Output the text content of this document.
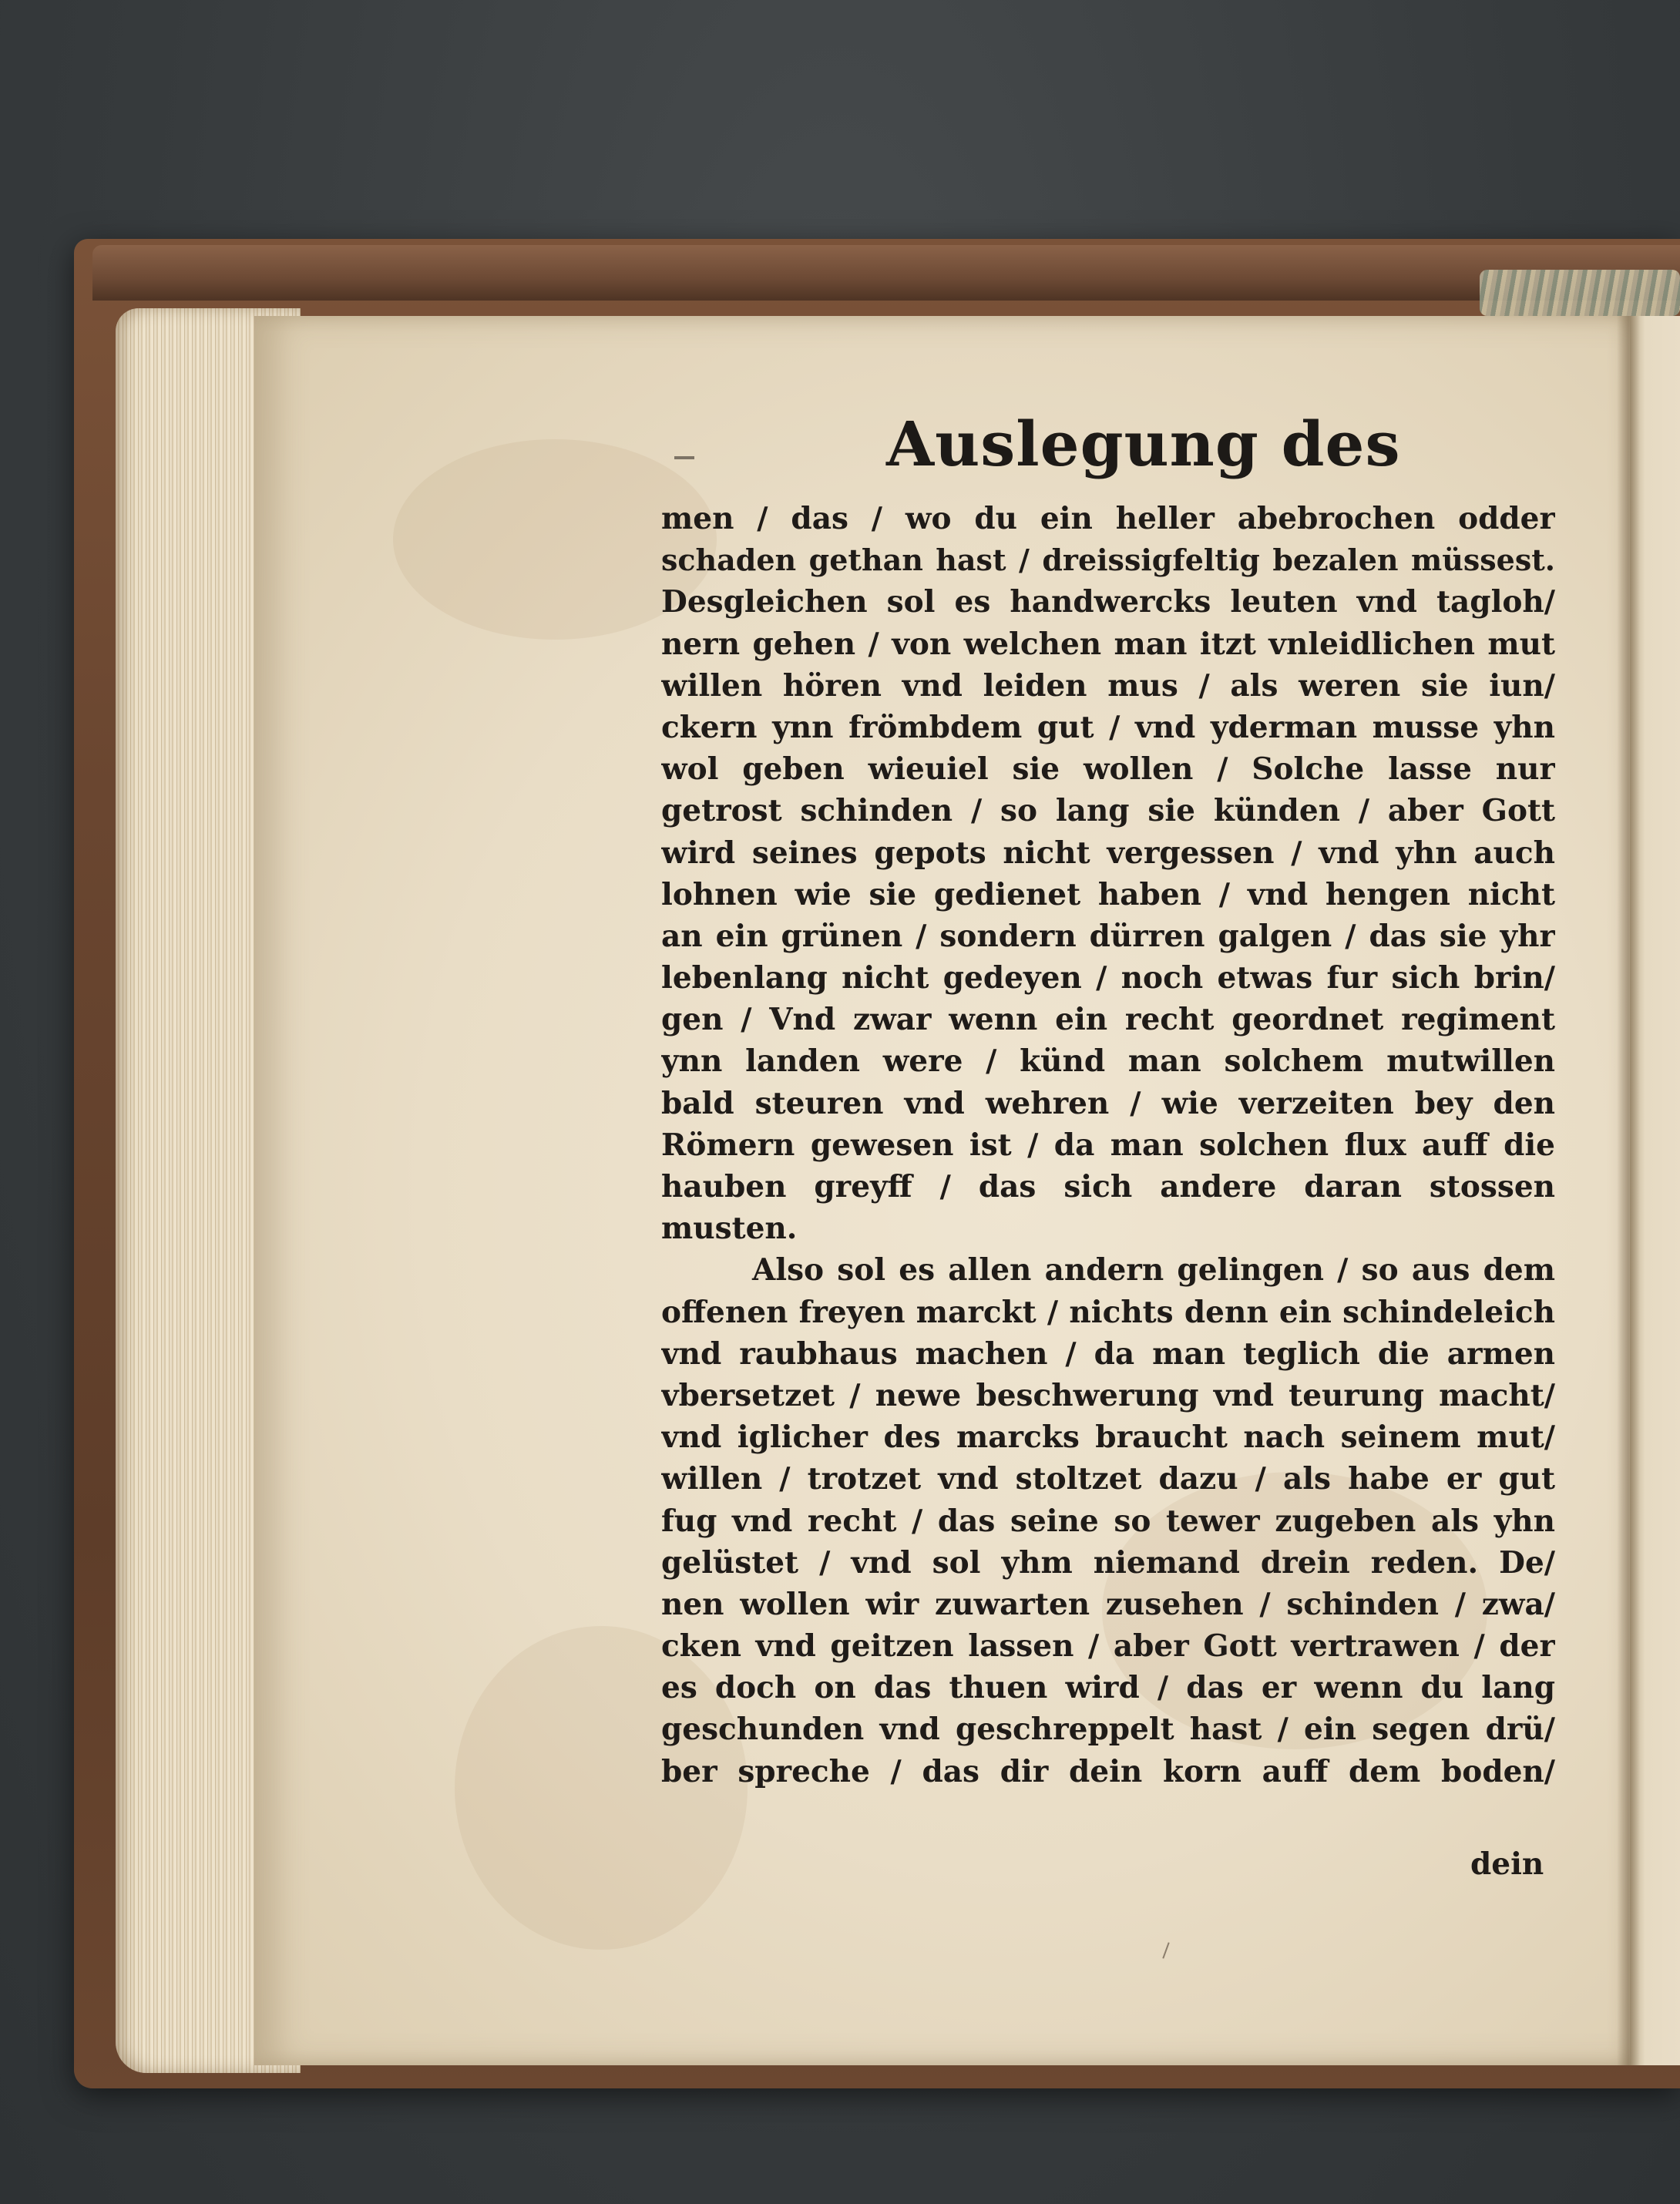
Auslegung des
men / das / wo du ein heller abebrochen odder
schaden gethan hast / dreissigfeltig bezalen müssest.
Desgleichen sol es handwercks leuten vnd tagloh/
nern gehen / von welchen man itzt vnleidlichen mut
willen hören vnd leiden mus / als weren sie iun/
ckern ynn frömbdem gut / vnd yderman musse yhn
wol geben wieuiel sie wollen / Solche lasse nur
getrost schinden / so lang sie künden / aber Gott
wird seines gepots nicht vergessen / vnd yhn auch
lohnen wie sie gedienet haben / vnd hengen nicht
an ein grünen / sondern dürren galgen / das sie yhr
lebenlang nicht gedeyen / noch etwas fur sich brin/
gen / Vnd zwar wenn ein recht geordnet regiment
ynn landen were / künd man solchem mutwillen
bald steuren vnd wehren / wie verzeiten bey den
Römern gewesen ist / da man solchen flux auff die
hauben greyff / das sich andere daran stossen
musten.
Also sol es allen andern gelingen / so aus dem
offenen freyen marckt / nichts denn ein schindeleich
vnd raubhaus machen / da man teglich die armen
vbersetzet / newe beschwerung vnd teurung macht/
vnd iglicher des marcks braucht nach seinem mut/
willen / trotzet vnd stoltzet dazu / als habe er gut
fug vnd recht / das seine so tewer zugeben als yhn
gelüstet / vnd sol yhm niemand drein reden. De/
nen wollen wir zuwarten zusehen / schinden / zwa/
cken vnd geitzen lassen / aber Gott vertrawen / der
es doch on das thuen wird / das er wenn du lang
geschunden vnd geschreppelt hast / ein segen drü/
ber spreche / das dir dein korn auff dem boden/
dein
